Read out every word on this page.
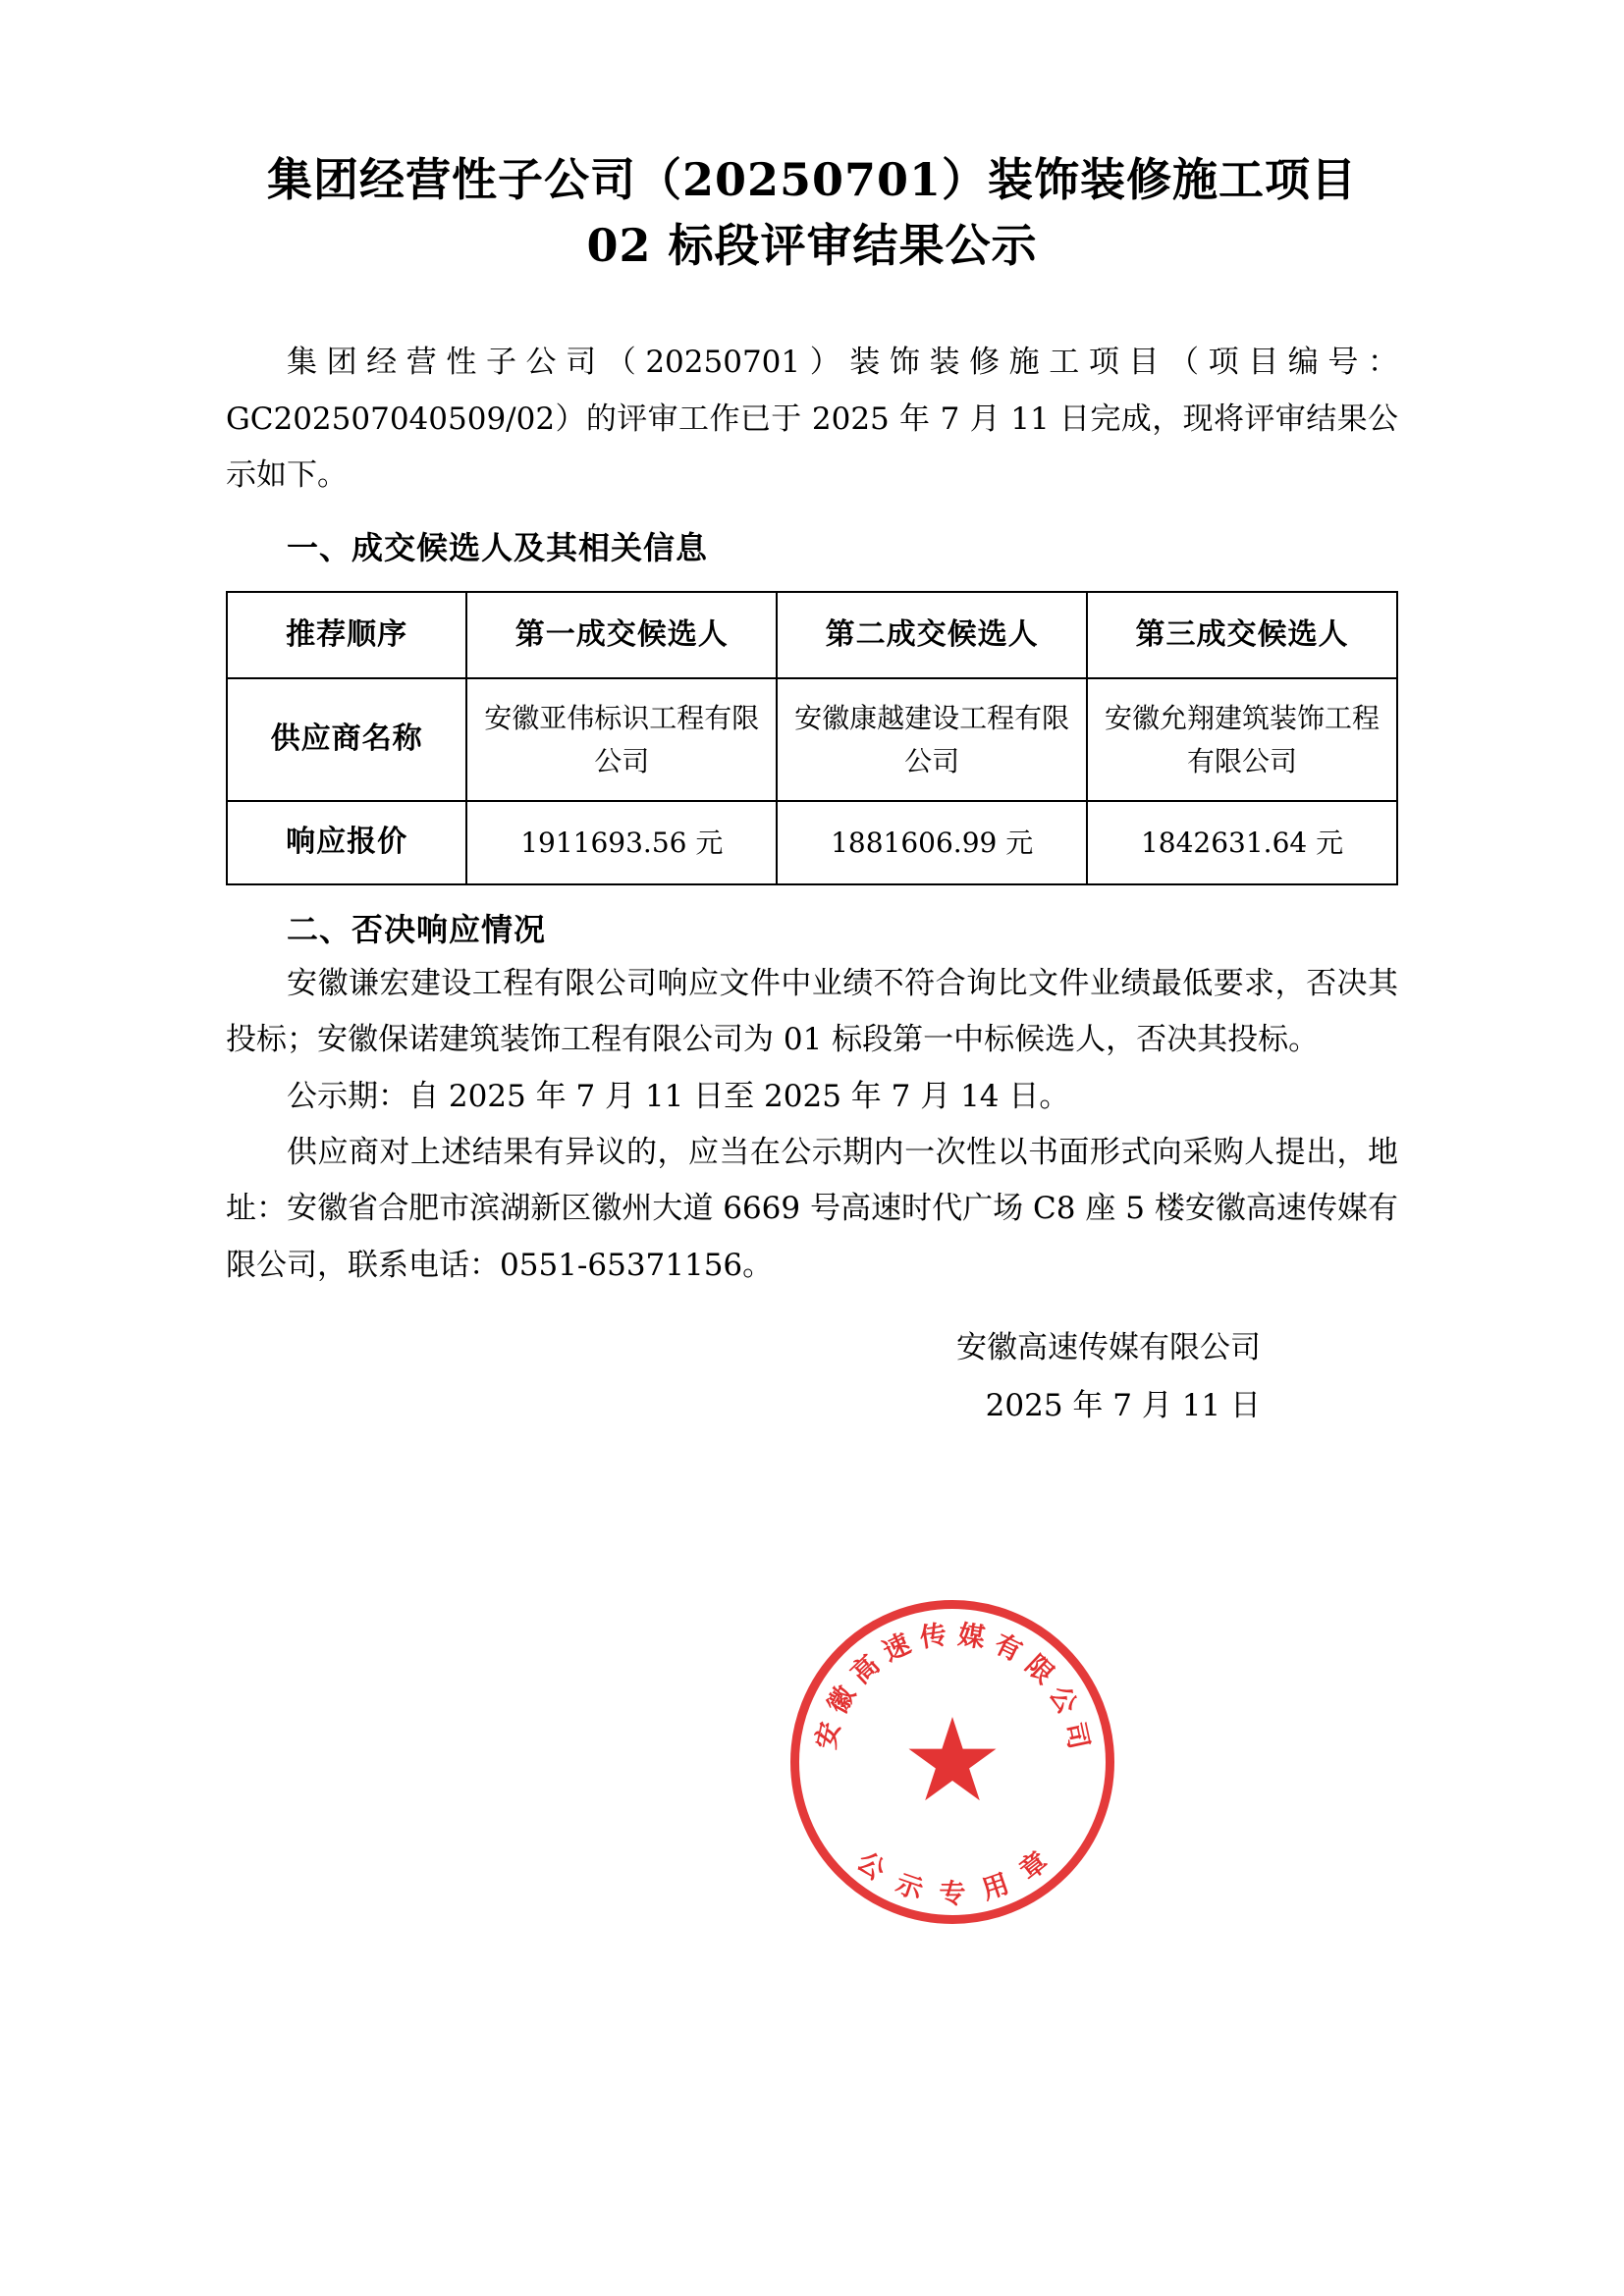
集团经营性子公司（20250701）装饰装修施工项目 02 标段评审结果公示

集团经营性子公司（20250701）装饰装修施工项目（项目编号：GC202507040509/02）的评审工作已于 2025 年 7 月 11 日完成，现将评审结果公示如下。

一、成交候选人及其相关信息

推荐顺序	第一成交候选人	第二成交候选人	第三成交候选人
供应商名称	安徽亚伟标识工程有限公司	安徽康越建设工程有限公司	安徽允翔建筑装饰工程有限公司
响应报价	1911693.56 元	1881606.99 元	1842631.64 元

二、否决响应情况

安徽谦宏建设工程有限公司响应文件中业绩不符合询比文件业绩最低要求，否决其投标；安徽保诺建筑装饰工程有限公司为 01 标段第一中标候选人，否决其投标。

公示期：自 2025 年 7 月 11 日至 2025 年 7 月 14 日。

供应商对上述结果有异议的，应当在公示期内一次性以书面形式向采购人提出，地址：安徽省合肥市滨湖新区徽州大道 6669 号高速时代广场 C8 座 5 楼安徽高速传媒有限公司，联系电话：0551-65371156。

安徽高速传媒有限公司
2025 年 7 月 11 日
★
安
徽
高
速 传 媒 有
限
公
司
公
示 专 用
章
